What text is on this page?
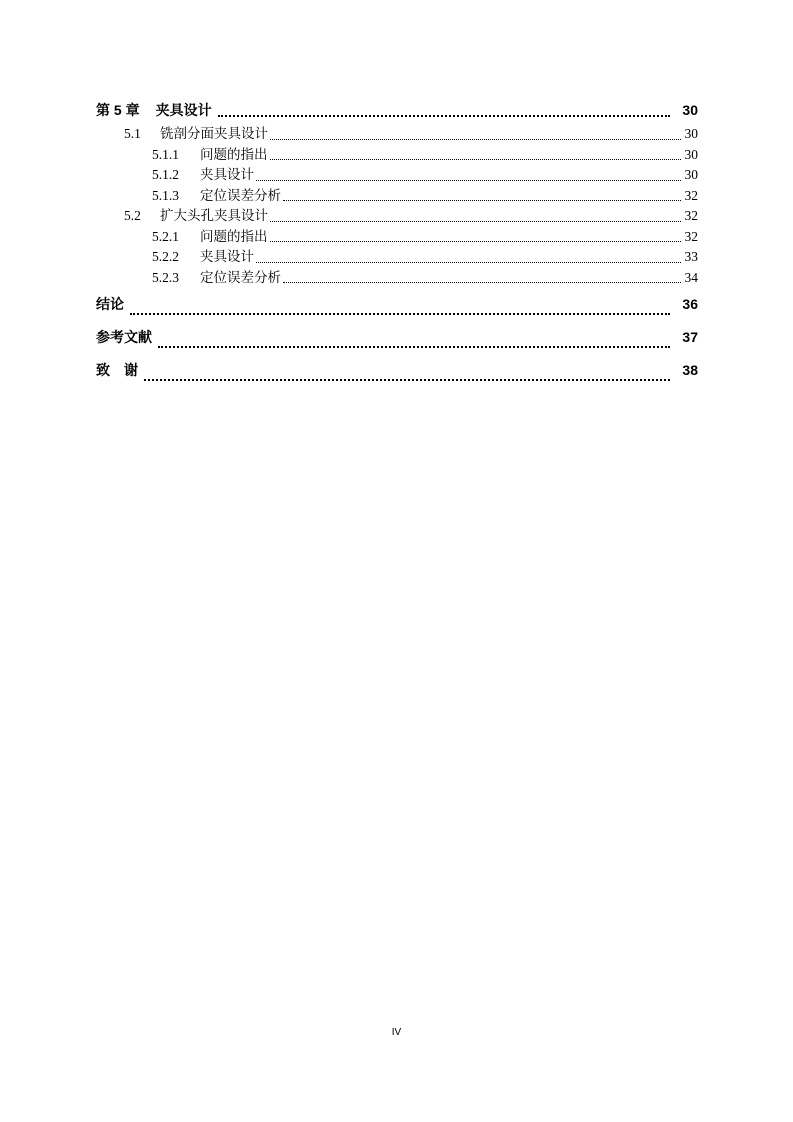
第 5 章 夹具设计	30
5.1	铣剖分面夹具设计	30
5.1.1	问题的指出	30
5.1.2	夹具设计	30
5.1.3	定位误差分析	32
5.2	扩大头孔夹具设计	32
5.2.1	问题的指出	32
5.2.2	夹具设计	33
5.2.3	定位误差分析	34
结论	36
参考文献	37
致　谢	38
IV
